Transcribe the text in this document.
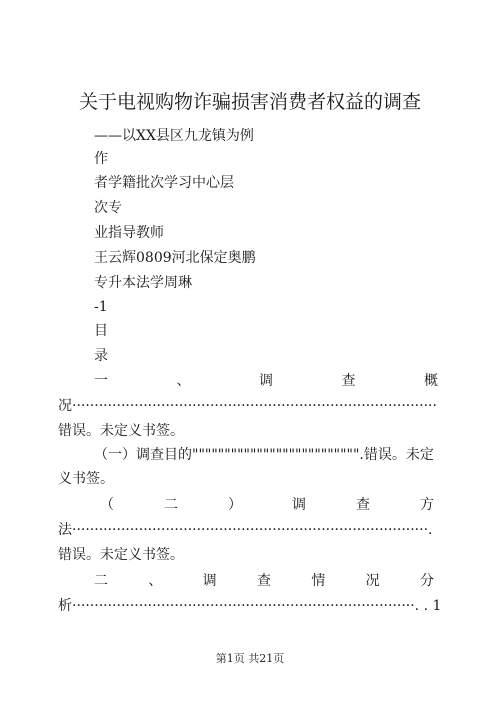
关于电视购物诈骗损害消费者权益的调查
——以XX县区九龙镇为例
作
者学籍批次学习中心层
次专
业指导教师
王云辉0809河北保定奥鹏
专升本法学周琳
-1
目
录
一	、	调	查	概
况··················································································
错误。未定义书签。
（一）调查目的"""""""""""""""""""""""""".错误。未定
义书签。
（	二	）	调	查	方
法················································································.
错误。未定义书签。
二	、	调	查	情	况	分
析·············································································. . 1
第1页 共21页
